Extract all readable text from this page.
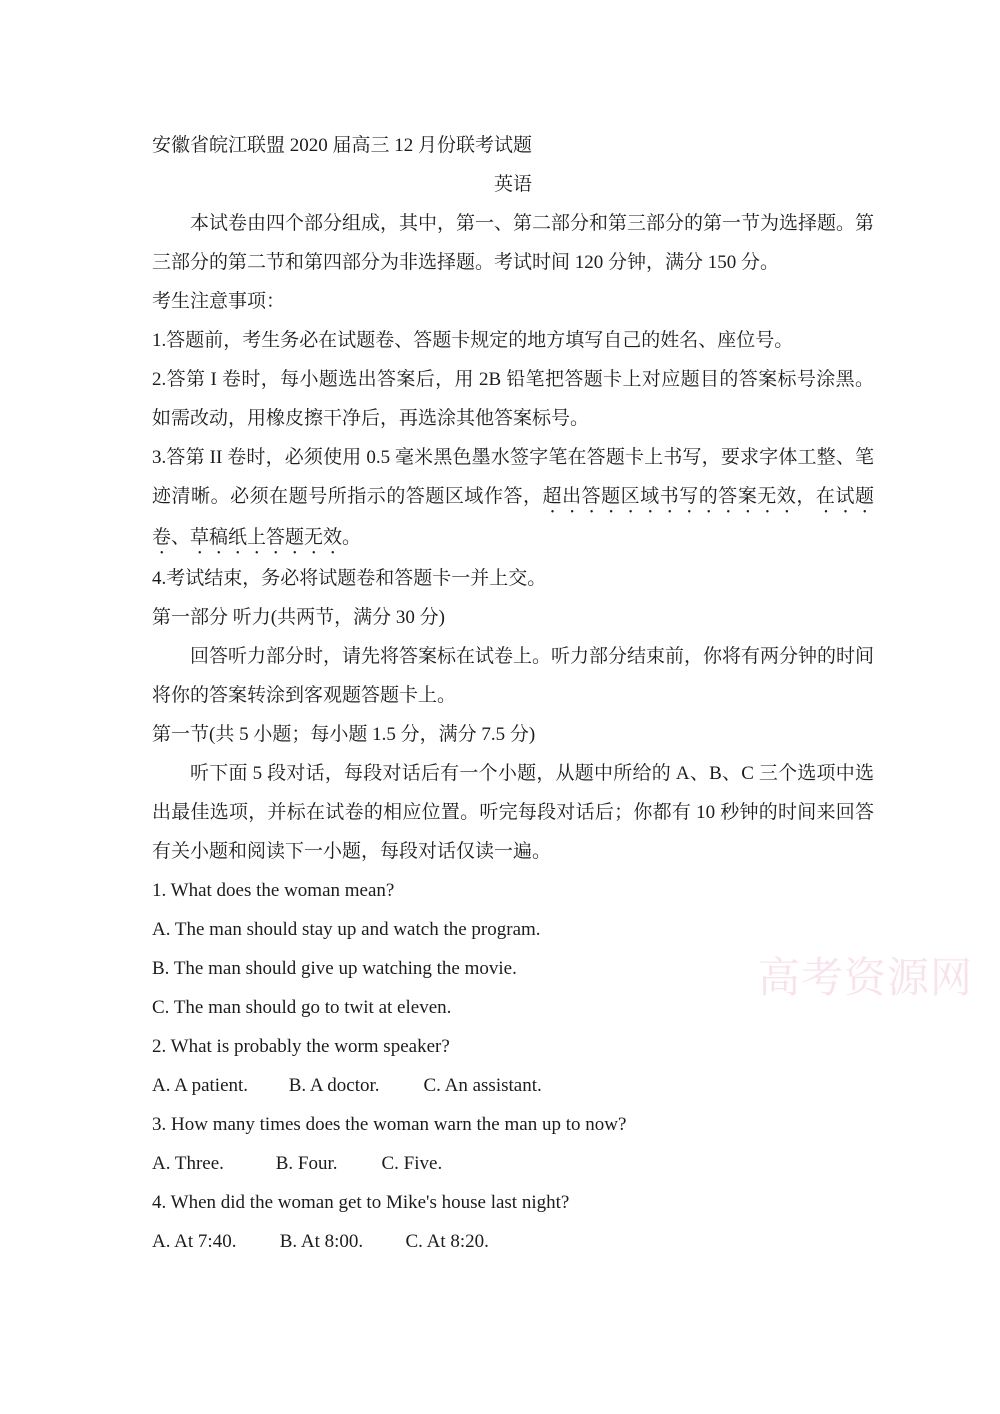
安徽省皖江联盟 2020 届高三 12 月份联考试题
英语

本试卷由四个部分组成，其中，第一、第二部分和第三部分的第一节为选择题。第三部分的第二节和第四部分为非选择题。考试时间 120 分钟，满分 150 分。

考生注意事项：

1.答题前，考生务必在试题卷、答题卡规定的地方填写自己的姓名、座位号。

2.答第 I 卷时，每小题选出答案后，用 2B 铅笔把答题卡上对应题目的答案标号涂黑。如需改动，用橡皮擦干净后，再选涂其他答案标号。

3.答第 II 卷时，必须使用 0.5 毫米黑色墨水签字笔在答题卡上书写，要求字体工整、笔迹清晰。必须在题号所指示的答题区域作答，超出答题区域书写的答案无效，在试题卷、草稿纸上答题无效。

4.考试结束，务必将试题卷和答题卡一并上交。

第一部分 听力(共两节，满分 30 分)

回答听力部分时，请先将答案标在试卷上。听力部分结束前，你将有两分钟的时间将你的答案转涂到客观题答题卡上。

第一节(共 5 小题；每小题 1.5 分，满分 7.5 分)

听下面 5 段对话，每段对话后有一个小题，从题中所给的 A、B、C 三个选项中选出最佳选项，并标在试卷的相应位置。听完每段对话后；你都有 10 秒钟的时间来回答有关小题和阅读下一小题，每段对话仅读一遍。

1. What does the woman mean?
A. The man should stay up and watch the program.
B. The man should give up watching the movie.
C. The man should go to twit at eleven.
2. What is probably the worm speaker?
A. A patient. B. A doctor. C. An assistant.
3. How many times does the woman warn the man up to now?
A. Three.	B. Four. C. Five.
4. When did the woman get to Mike's house last night?
A. At 7:40. B. At 8:00. C. At 8:20.
高考资源网
